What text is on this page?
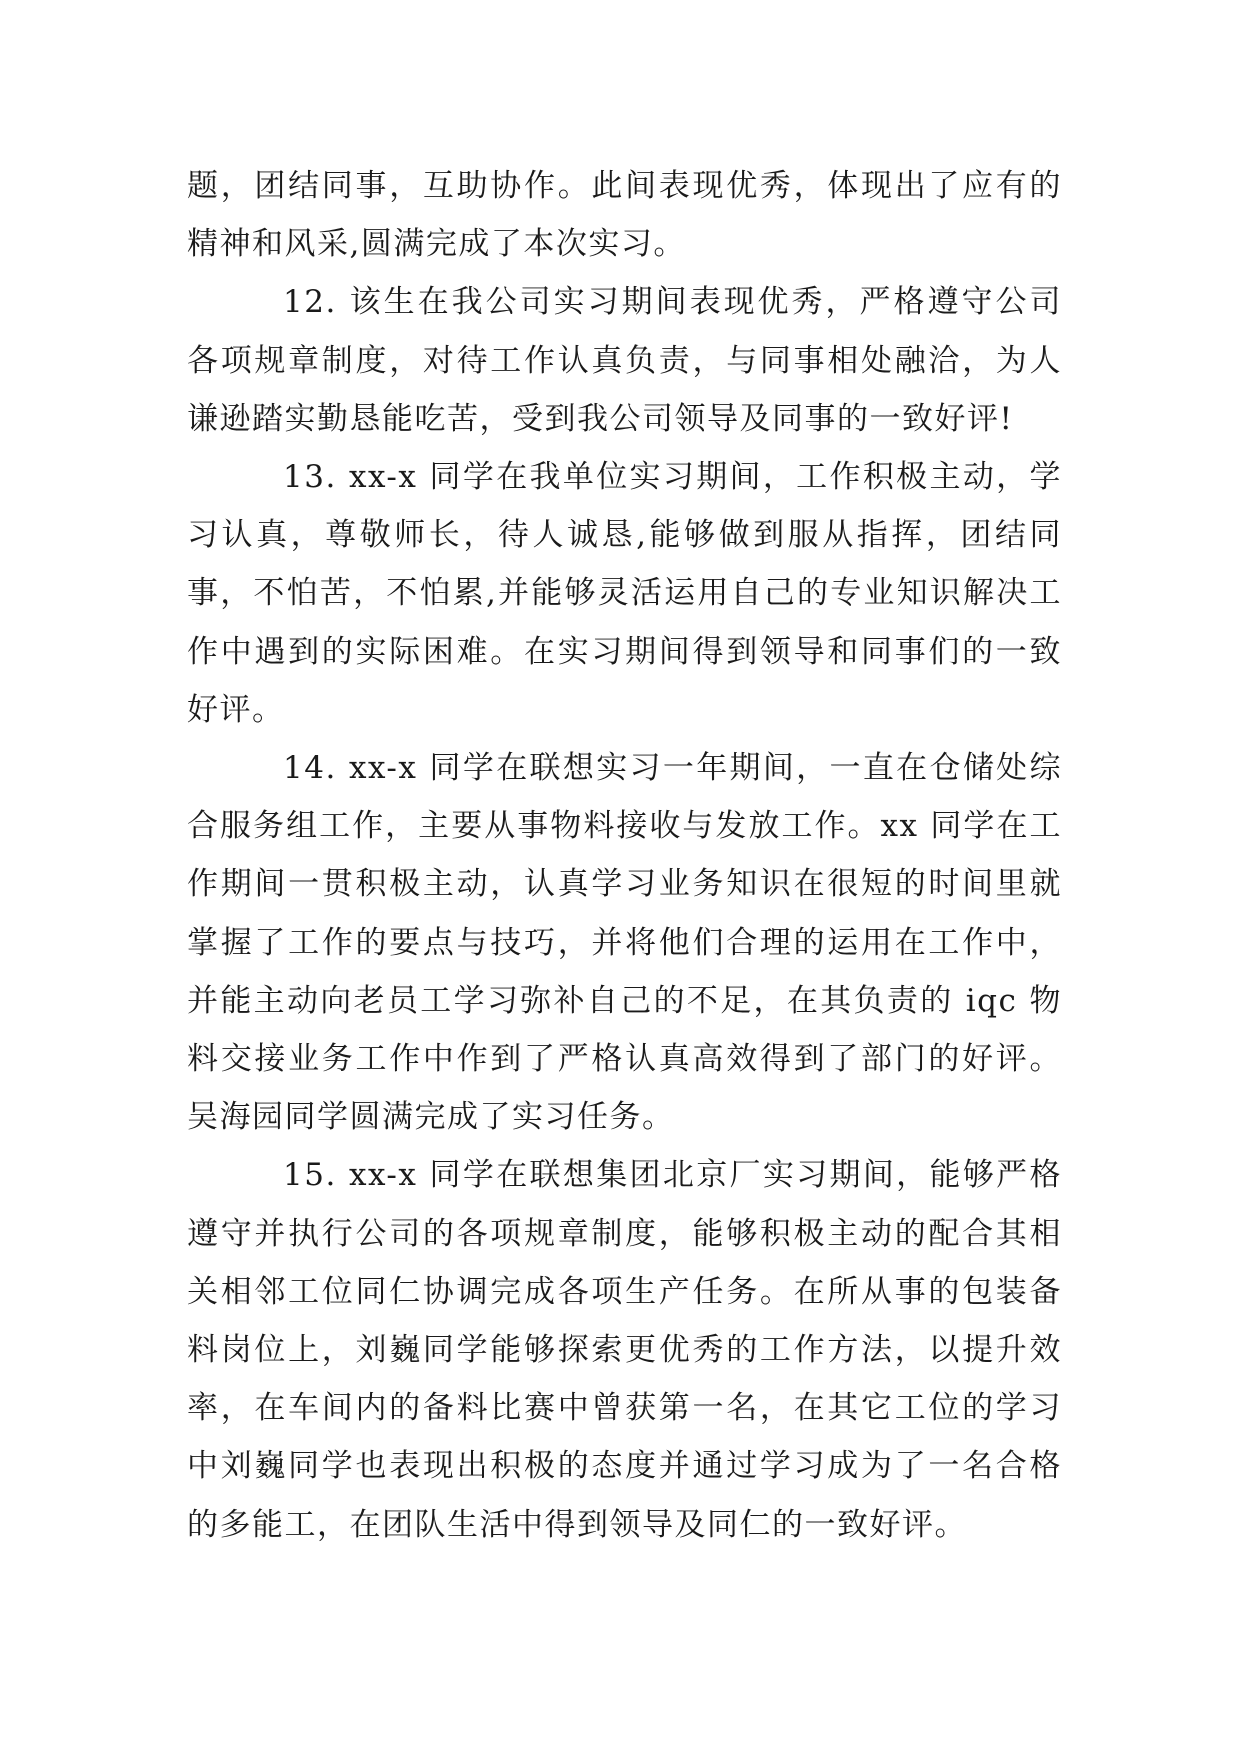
题，团结同事，互助协作。此间表现优秀，体现出了应有的精神和风采,圆满完成了本次实习。

12. 该生在我公司实习期间表现优秀，严格遵守公司各项规章制度，对待工作认真负责，与同事相处融洽，为人谦逊踏实勤恳能吃苦，受到我公司领导及同事的一致好评!

13. xx-x 同学在我单位实习期间，工作积极主动，学习认真，尊敬师长，待人诚恳,能够做到服从指挥，团结同事，不怕苦，不怕累,并能够灵活运用自己的专业知识解决工作中遇到的实际困难。在实习期间得到领导和同事们的一致好评。

14. xx-x 同学在联想实习一年期间，一直在仓储处综合服务组工作，主要从事物料接收与发放工作。xx 同学在工作期间一贯积极主动，认真学习业务知识在很短的时间里就掌握了工作的要点与技巧，并将他们合理的运用在工作中，并能主动向老员工学习弥补自己的不足，在其负责的 iqc 物料交接业务工作中作到了严格认真高效得到了部门的好评。吴海园同学圆满完成了实习任务。

15. xx-x 同学在联想集团北京厂实习期间，能够严格遵守并执行公司的各项规章制度，能够积极主动的配合其相关相邻工位同仁协调完成各项生产任务。在所从事的包装备料岗位上，刘巍同学能够探索更优秀的工作方法，以提升效率，在车间内的备料比赛中曾获第一名，在其它工位的学习中刘巍同学也表现出积极的态度并通过学习成为了一名合格的多能工，在团队生活中得到领导及同仁的一致好评。
